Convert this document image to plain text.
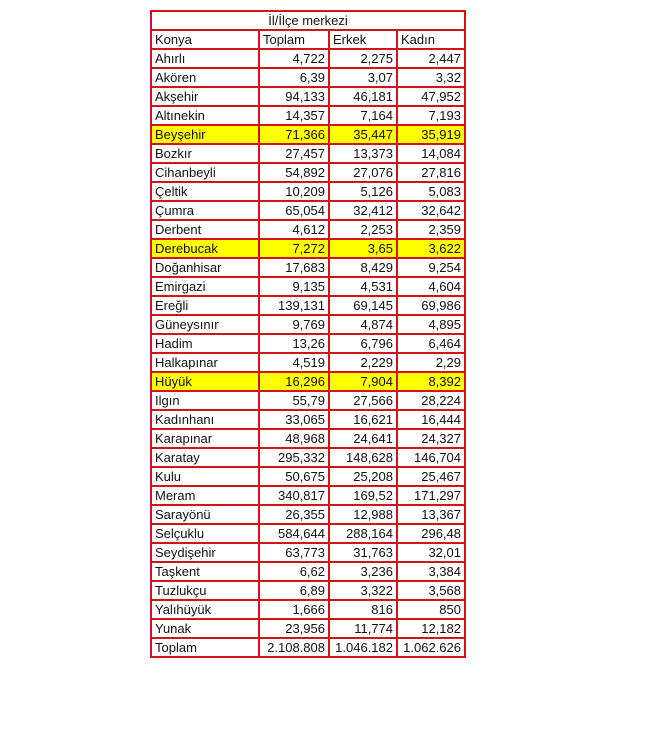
İl/İlçe merkezi			
Konya	Toplam	Erkek	Kadın
Ahırlı	4,722	2,275	2,447
Akören	6,39	3,07	3,32
Akşehir	94,133	46,181	47,952
Altınekin	14,357	7,164	7,193
Beyşehir	71,366	35,447	35,919
Bozkır	27,457	13,373	14,084
Cihanbeyli	54,892	27,076	27,816
Çeltik	10,209	5,126	5,083
Çumra	65,054	32,412	32,642
Derbent	4,612	2,253	2,359
Derebucak	7,272	3,65	3,622
Doğanhisar	17,683	8,429	9,254
Emirgazi	9,135	4,531	4,604
Ereğli	139,131	69,145	69,986
Güneysınır	9,769	4,874	4,895
Hadim	13,26	6,796	6,464
Halkapınar	4,519	2,229	2,29
Hüyük	16,296	7,904	8,392
Ilgın	55,79	27,566	28,224
Kadınhanı	33,065	16,621	16,444
Karapınar	48,968	24,641	24,327
Karatay	295,332	148,628	146,704
Kulu	50,675	25,208	25,467
Meram	340,817	169,52	171,297
Sarayönü	26,355	12,988	13,367
Selçuklu	584,644	288,164	296,48
Seydişehir	63,773	31,763	32,01
Taşkent	6,62	3,236	3,384
Tuzlukçu	6,89	3,322	3,568
Yalıhüyük	1,666	816	850
Yunak	23,956	11,774	12,182
Toplam	2.108.808	1.046.182	1.062.626
